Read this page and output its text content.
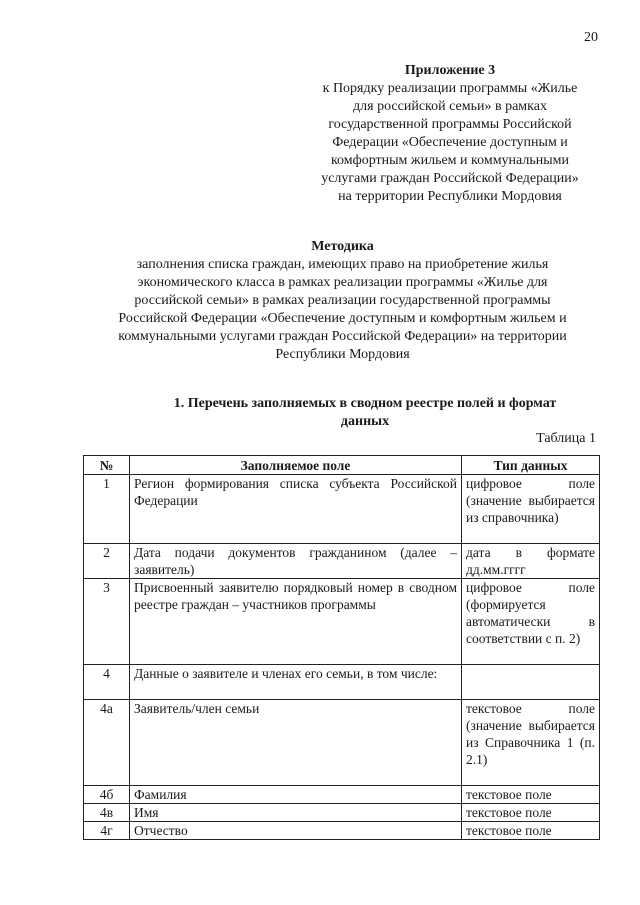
20
Приложение 3
к Порядку реализации программы «Жилье
для российской семьи» в рамках
государственной программы Российской
Федерации «Обеспечение доступным и
комфортным жильем и коммунальными
услугами граждан Российской Федерации»
на территории Республики Мордовия
Методика
заполнения списка граждан, имеющих право на приобретение жилья
экономического класса в рамках реализации программы «Жилье для
российской семьи» в рамках реализации государственной программы
Российской Федерации «Обеспечение доступным и комфортным жильем и
коммунальными услугами граждан Российской Федерации» на территории
Республики Мордовия
1. Перечень заполняемых в сводном реестре полей и формат
данных
Таблица 1
№	Заполняемое поле	Тип данных
1	Регион формирования списка субъекта Российской Федерации	цифровое поле (значение выбирается из справочника)
2	Дата подачи документов гражданином (далее – заявитель)	дата в формате дд.мм.гггг
3	Присвоенный заявителю порядковый номер в сводном реестре граждан – участников программы	цифровое поле (формируется автоматически в соответствии с п. 2)
4	Данные о заявителе и членах его семьи, в том числе:	
4а	Заявитель/член семьи	текстовое поле (значение выбирается из Справочника 1 (п. 2.1)
4б	Фамилия	текстовое поле
4в	Имя	текстовое поле
4г	Отчество	текстовое поле
